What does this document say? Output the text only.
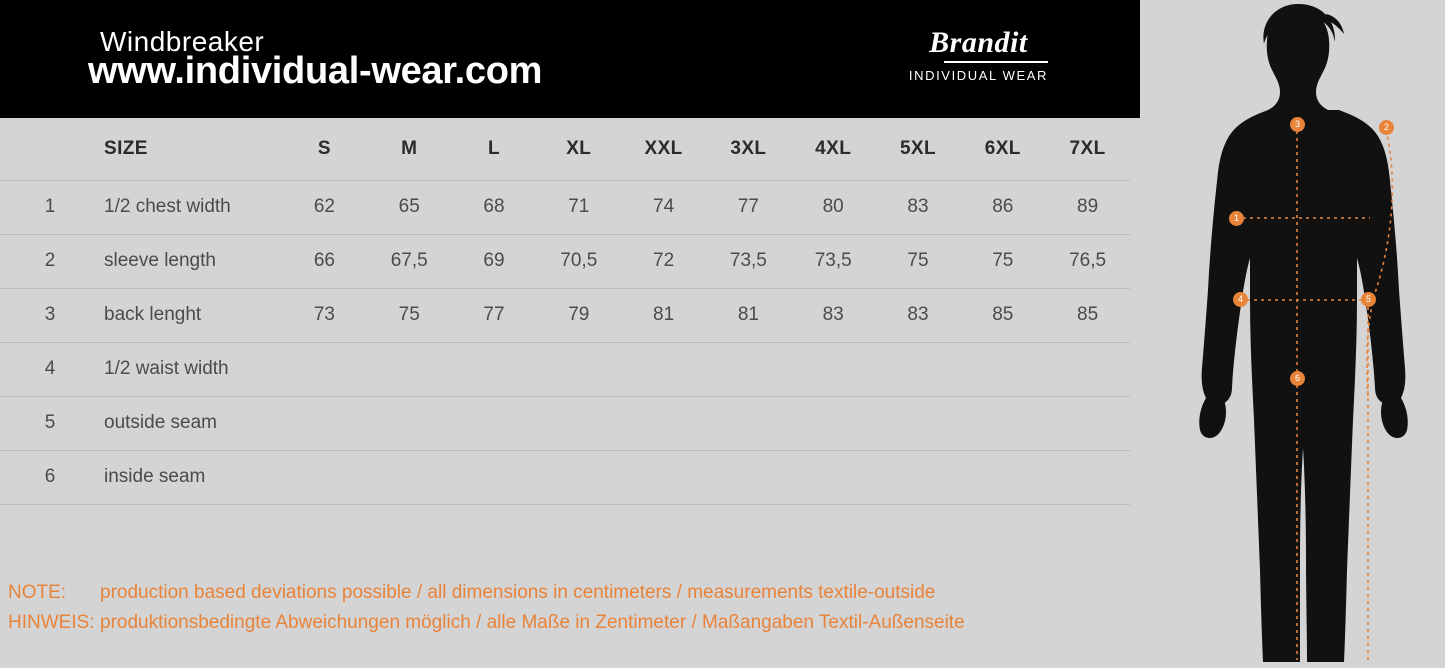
Windbreaker
www.individual-wear.com
Brandit
INDIVIDUAL WEAR
	SIZE	S	M	L	XL	XXL	3XL	4XL	5XL	6XL	7XL
1	1/2 chest width	62	65	68	71	74	77	80	83	86	89
2	sleeve length	66	67,5	69	70,5	72	73,5	73,5	75	75	76,5
3	back lenght	73	75	77	79	81	81	83	83	85	85
4	1/2 waist width										
5	outside seam										
6	inside seam										
NOTE:	production based deviations possible / all dimensions in centimeters / measurements textile-outside
HINWEIS: produktionsbedingte Abweichungen möglich / alle Maße in Zentimeter / Maßangaben Textil-Außenseite
3	2
1
4	5
6
